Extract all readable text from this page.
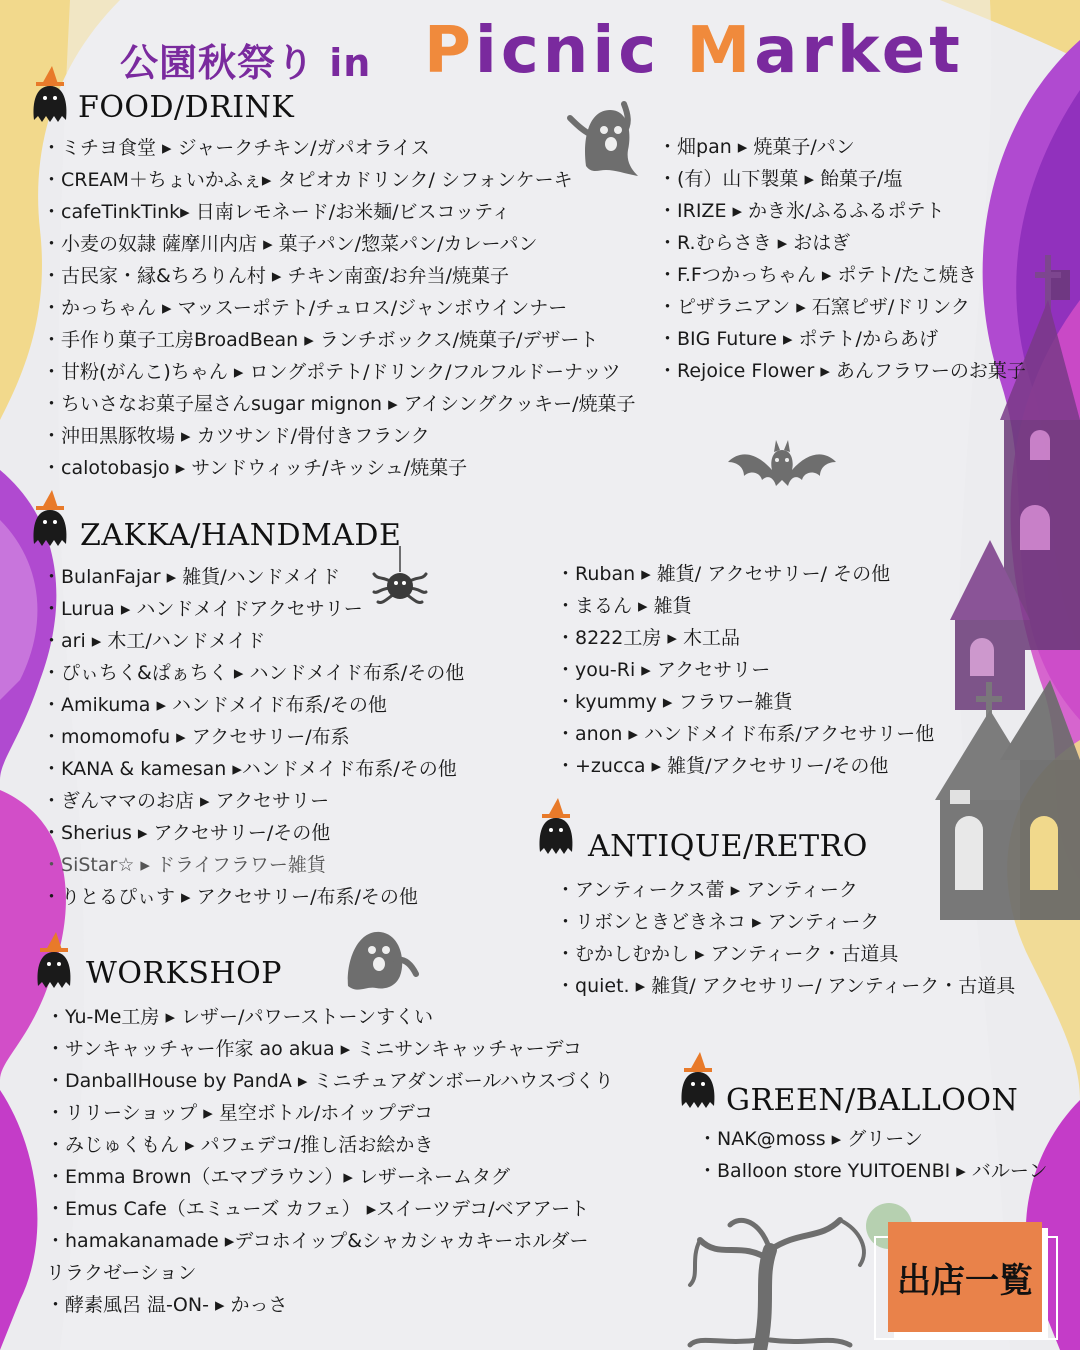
公園秋祭り in Picnic Market
FOOD/DRINK
ZAKKA/HANDMADE
WORKSHOP
ANTIQUE/RETRO
GREEN/BALLOON
・ ミチヨ食堂 ▸ ジャークチキン/ガパオライス
・ CREAM＋ちょいかふぇ▸ タピオカドリンク/ シフォンケーキ
・ cafeTinkTink▸ 日南レモネード/お米麺/ビスコッティ
・ 小麦の奴隷 薩摩川内店 ▸ 菓子パン/惣菜パン/カレーパン
・ 古民家・縁&ちろりん村 ▸ チキン南蛮/お弁当/焼菓子
・ かっちゃん ▸ マッスーポテト/チュロス/ジャンボウインナー
・ 手作り菓子工房BroadBean ▸ ランチボックス/焼菓子/デザート
・ 甘粉(がんこ)ちゃん ▸ ロングポテト/ドリンク/フルフルドーナッツ
・ ちいさなお菓子屋さんsugar mignon ▸ アイシングクッキー/焼菓子
・ 沖田黒豚牧場 ▸ カツサンド/骨付きフランク
・ calotobasjo ▸ サンドウィッチ/キッシュ/焼菓子
・ 畑pan ▸ 焼菓子/パン
・ (有）山下製菓 ▸ 飴菓子/塩
・ IRIZE ▸ かき氷/ふるふるポテト
・ R.むらさき ▸ おはぎ
・ F.Fつかっちゃん ▸ ポテト/たこ焼き
・ ピザラニアン ▸ 石窯ピザ/ドリンク
・ BIG Future ▸ ポテト/からあげ
・ Rejoice Flower ▸ あんフラワーのお菓子
・ BulanFajar ▸ 雑貨/ハンドメイド
・ Lurua ▸ ハンドメイドアクセサリー
・ ari ▸ 木工/ハンドメイド
・ ぴぃちく&ぱぁちく ▸ ハンドメイド布系/その他
・ Amikuma ▸ ハンドメイド布系/その他
・ momomofu ▸ アクセサリー/布系
・ KANA & kamesan ▸ハンドメイド布系/その他
・ ぎんママのお店 ▸ アクセサリー
・ Sherius ▸ アクセサリー/その他
・ SiStar☆ ▸ ドライフラワー雑貨
・ りとるぴぃす ▸ アクセサリー/布系/その他
・ Ruban ▸ 雑貨/ アクセサリー/ その他
・ まるん ▸ 雑貨
・ 8222工房 ▸ 木工品
・ you-Ri ▸ アクセサリー
・ kyummy ▸ フラワー雑貨
・ anon ▸ ハンドメイド布系/アクセサリー他
・ +zucca ▸ 雑貨/アクセサリー/その他
・ アンティークス蕾 ▸ アンティーク
・ リボンときどきネコ ▸ アンティーク
・ むかしむかし ▸ アンティーク・古道具
・ quiet. ▸ 雑貨/ アクセサリー/ アンティーク・古道具
・ Yu-Me工房 ▸ レザー/パワーストーンすくい
・ サンキャッチャー作家 ao akua ▸ ミニサンキャッチャーデコ
・ DanballHouse by PandA ▸ ミニチュアダンボールハウスづくり
・ リリーショップ ▸ 星空ボトル/ホイップデコ
・ みじゅくもん ▸ パフェデコ/推し活お絵かき
・ Emma Brown（エマブラウン）▸ レザーネームタグ
・ Emus Cafe（エミューズ カフェ） ▸スイーツデコ/ベアアート
・ hamakanamade ▸デコホイップ&シャカシャカキーホルダー
リラクゼーション
・ 酵素風呂 温-ON- ▸ かっさ
・ NAK@moss ▸ グリーン
・ Balloon store YUITOENBI ▸ バルーン
出店一覧
